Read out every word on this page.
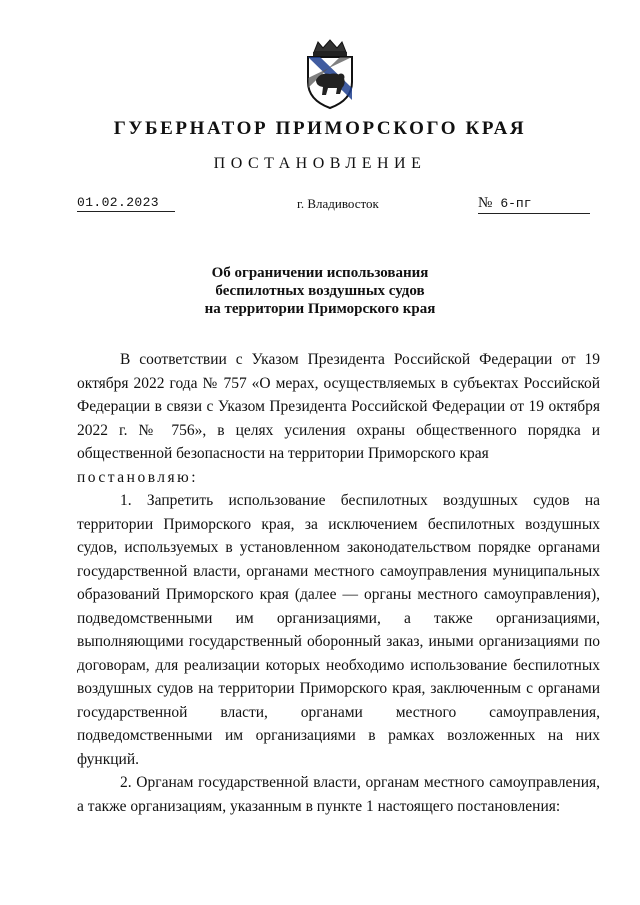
ГУБЕРНАТОР ПРИМОРСКОГО КРАЯ
ПОСТАНОВЛЕНИЕ
01.02.2023	г. Владивосток	№ 6-пг
Об ограничении использования
беспилотных воздушных судов
на территории Приморского края

В соответствии с Указом Президента Российской Федерации от 19 октября 2022 года № 757 «О мерах, осуществляемых в субъектах Российской Федерации в связи с Указом Президента Российской Федерации от 19 октября 2022 г. № 756», в целях усиления охраны общественного порядка и общественной безопасности на территории Приморского края

постановляю:

1. Запретить использование беспилотных воздушных судов на территории Приморского края, за исключением беспилотных воздушных судов, используемых в установленном законодательством порядке органами государственной власти, органами местного самоуправления муниципальных образований Приморского края (далее — органы местного самоуправления), подведомственными им организациями, а также организациями, выполняющими государственный оборонный заказ, иными организациями по договорам, для реализации которых необходимо использование беспилотных воздушных судов на территории Приморского края, заключенным с органами государственной власти, органами местного самоуправления, подведомственными им организациями в рамках возложенных на них функций.

2. Органам государственной власти, органам местного самоуправления, а также организациям, указанным в пункте 1 настоящего постановления:
